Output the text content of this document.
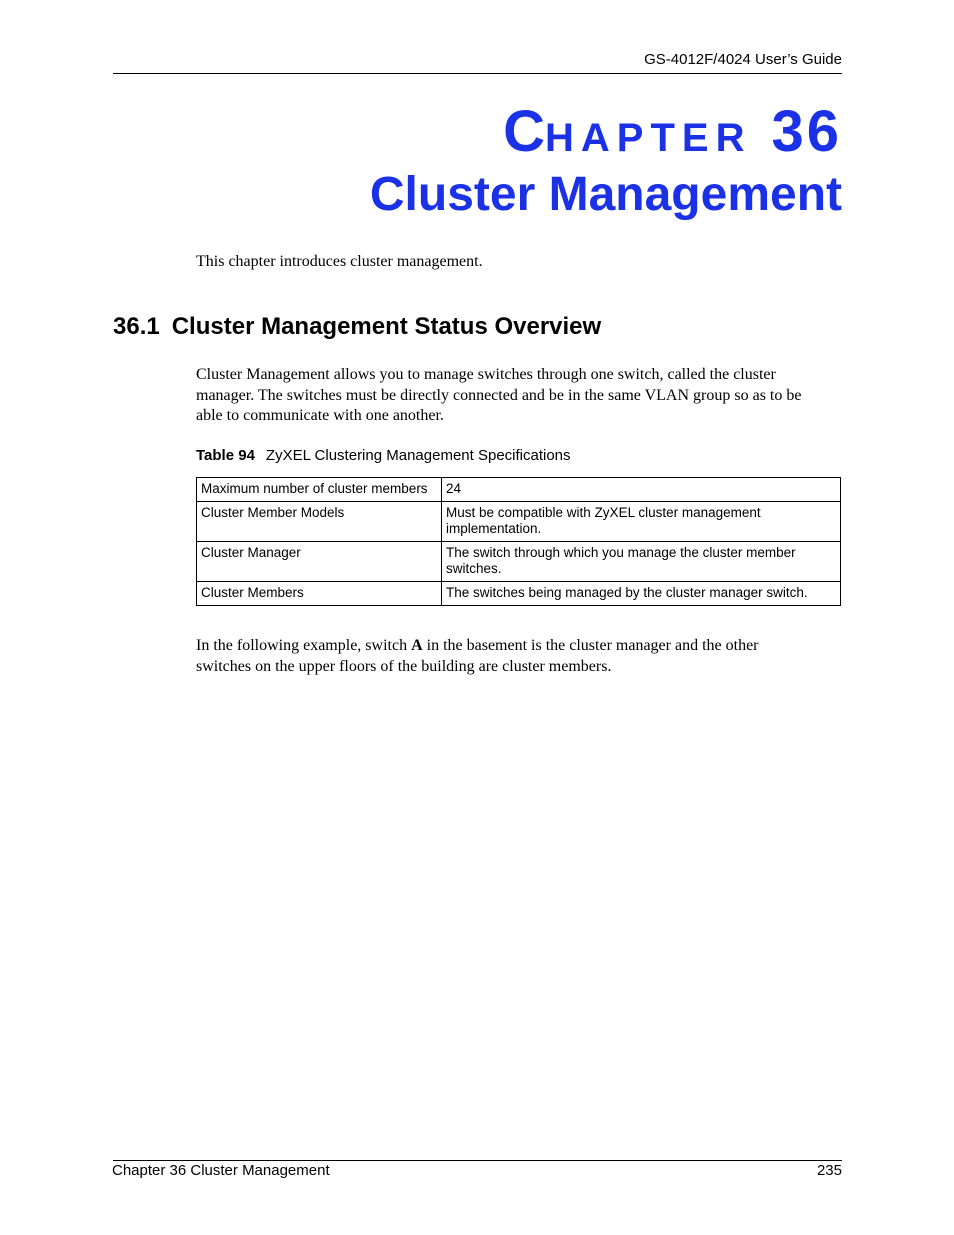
GS-4012F/4024 User’s Guide
CHAPTER 36
Cluster Management
This chapter introduces cluster management.
36.1 Cluster Management Status Overview
Cluster Management allows you to manage switches through one switch, called the cluster
manager. The switches must be directly connected and be in the same VLAN group so as to be
able to communicate with one another.
Table 94 ZyXEL Clustering Management Specifications
Maximum number of cluster members	24
Cluster Member Models	Must be compatible with ZyXEL cluster management implementation.
Cluster Manager	The switch through which you manage the cluster member switches.
Cluster Members	The switches being managed by the cluster manager switch.
In the following example, switch A in the basement is the cluster manager and the other
switches on the upper floors of the building are cluster members.
Chapter 36 Cluster Management	235
